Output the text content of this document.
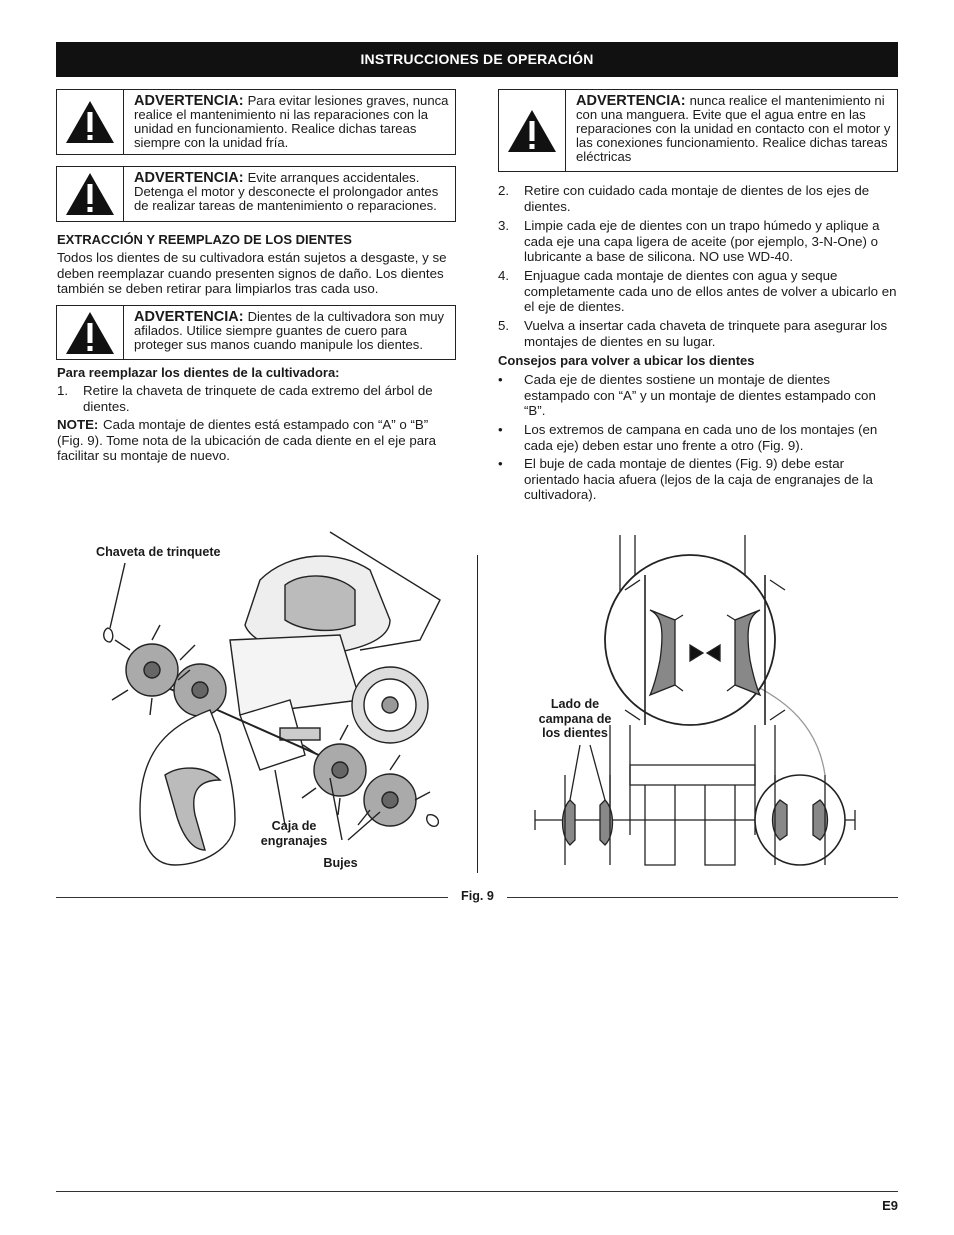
INSTRUCCIONES DE OPERACIÓN
ADVERTENCIA: Para evitar lesiones graves, nunca realice el mantenimiento ni las reparaciones con la unidad en funcionamiento. Realice dichas tareas siempre con la unidad fría.
ADVERTENCIA: Evite arranques accidentales. Detenga el motor y desconecte el prolongador antes de realizar tareas de mantenimiento o reparaciones.
EXTRACCIÓN Y REEMPLAZO DE LOS DIENTES
Todos los dientes de su cultivadora están sujetos a desgaste, y se deben reemplazar cuando presenten signos de daño. Los dientes también se deben retirar para limpiarlos tras cada uso.
ADVERTENCIA: Dientes de la cultivadora son muy afilados. Utilice siempre guantes de cuero para proteger sus manos cuando manipule los dientes.
Para reemplazar los dientes de la cultivadora:
1. Retire la chaveta de trinquete de cada extremo del árbol de dientes.
NOTE: Cada montaje de dientes está estampado con “A” o “B” (Fig. 9). Tome nota de la ubicación de cada diente en el eje para facilitar su montaje de nuevo.
ADVERTENCIA: nunca realice el mantenimiento ni con una manguera. Evite que el agua entre en las reparaciones con la unidad en contacto con el motor y las conexiones funcionamiento. Realice dichas tareas eléctricas
2. Retire con cuidado cada montaje de dientes de los ejes de dientes.
3. Limpie cada eje de dientes con un trapo húmedo y aplique a cada eje una capa ligera de aceite (por ejemplo, 3-N-One) o lubricante a base de silicona. NO use WD-40.
4. Enjuague cada montaje de dientes con agua y seque completamente cada uno de ellos antes de volver a ubicarlo en el eje de dientes.
5. Vuelva a insertar cada chaveta de trinquete para asegurar los montajes de dientes en su lugar.
Consejos para volver a ubicar los dientes
• Cada eje de dientes sostiene un montaje de dientes estampado con “A” y un montaje de dientes estampado con “B”.
• Los extremos de campana en cada uno de los montajes (en cada eje) deben estar uno frente a otro (Fig. 9).
• El buje de cada montaje de dientes (Fig. 9) debe estar orientado hacia afuera (lejos de la caja de engranajes de la cultivadora).
Chaveta de trinquete
Caja de engranajes
Bujes
Lado de campana de los dientes
Fig. 9
E9
